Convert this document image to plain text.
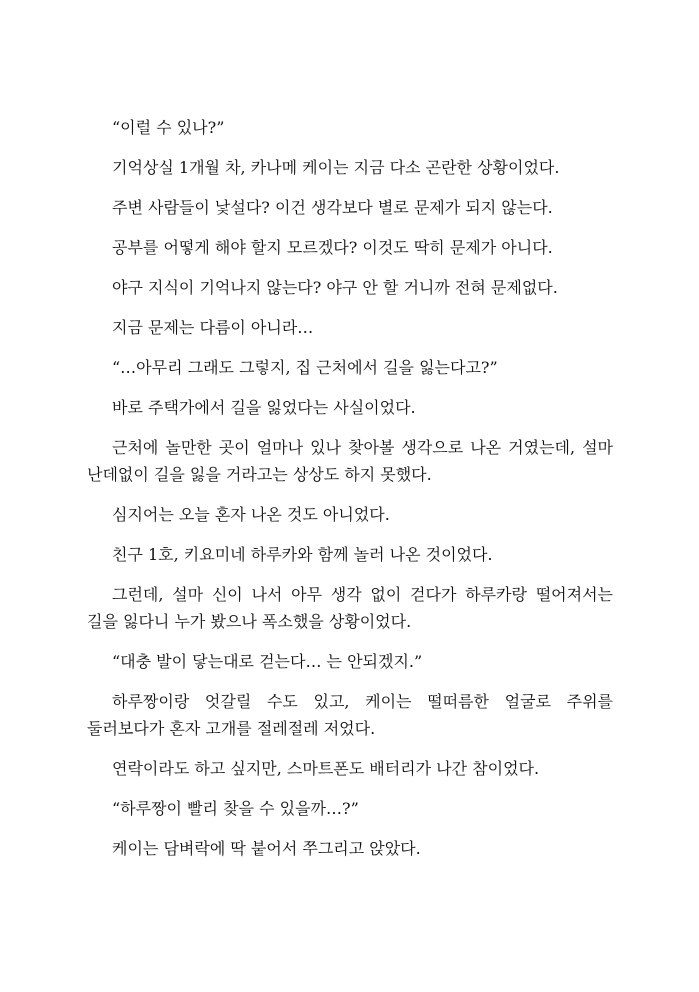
“이럴 수 있나?”

기억상실 1개월 차, 카나메 케이는 지금 다소 곤란한 상황이었다.

주변 사람들이 낯설다? 이건 생각보다 별로 문제가 되지 않는다.

공부를 어떻게 해야 할지 모르겠다? 이것도 딱히 문제가 아니다.

야구 지식이 기억나지 않는다? 야구 안 할 거니까 전혀 문제없다.

지금 문제는 다름이 아니라…

“…아무리 그래도 그렇지, 집 근처에서 길을 잃는다고?”

바로 주택가에서 길을 잃었다는 사실이었다.

근처에 놀만한 곳이 얼마나 있나 찾아볼 생각으로 나온 거였는데, 설마 난데없이 길을 잃을 거라고는 상상도 하지 못했다.

심지어는 오늘 혼자 나온 것도 아니었다.

친구 1호, 키요미네 하루카와 함께 놀러 나온 것이었다.

그런데, 설마 신이 나서 아무 생각 없이 걷다가 하루카랑 떨어져서는 길을 잃다니 누가 봤으나 폭소했을 상황이었다.

“대충 발이 닿는대로 걷는다… 는 안되겠지.”

하루짱이랑 엇갈릴 수도 있고, 케이는 떨떠름한 얼굴로 주위를 둘러보다가 혼자 고개를 절레절레 저었다.

연락이라도 하고 싶지만, 스마트폰도 배터리가 나간 참이었다.

“하루짱이 빨리 찾을 수 있을까…?”

케이는 담벼락에 딱 붙어서 쭈그리고 앉았다.
